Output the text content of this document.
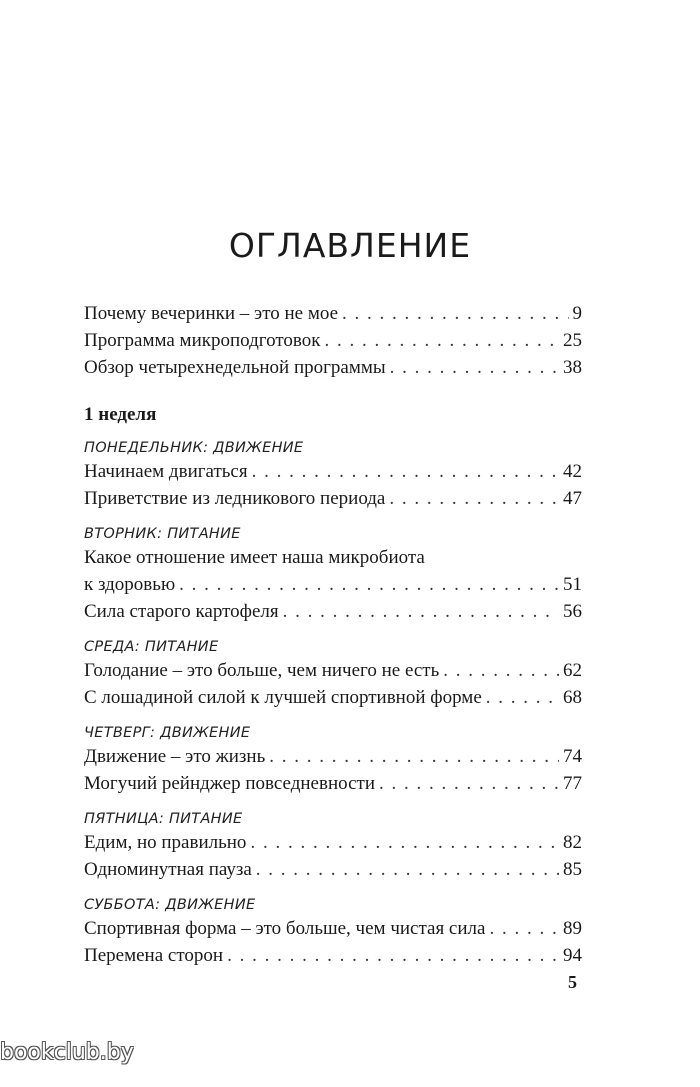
ОГЛАВЛЕНИЕ
Почему вечеринки – это не мое . . .	9
Программа микроподготовок . . .	25
Обзор четырехнедельной программы . . .	38
1 неделя
ПОНЕДЕЛЬНИК: ДВИЖЕНИЕ
Начинаем двигаться . . .	42
Приветствие из ледникового периода . . .	47
ВТОРНИК: ПИТАНИЕ
Какое отношение имеет наша микробиота
к здоровью . . .	51
Сила старого картофеля . . .	56
СРЕДА: ПИТАНИЕ
Голодание – это больше, чем ничего не есть . . .	62
С лошадиной силой к лучшей спортивной форме . . .	68
ЧЕТВЕРГ: ДВИЖЕНИЕ
Движение – это жизнь . . .	74
Могучий рейнджер повседневности . . .	77
ПЯТНИЦА: ПИТАНИЕ
Едим, но правильно . . .	82
Одноминутная пауза . . .	85
СУББОТА: ДВИЖЕНИЕ
Спортивная форма – это больше, чем чистая сила . . .	89
Перемена сторон . . .	94
5
bookclub.by
